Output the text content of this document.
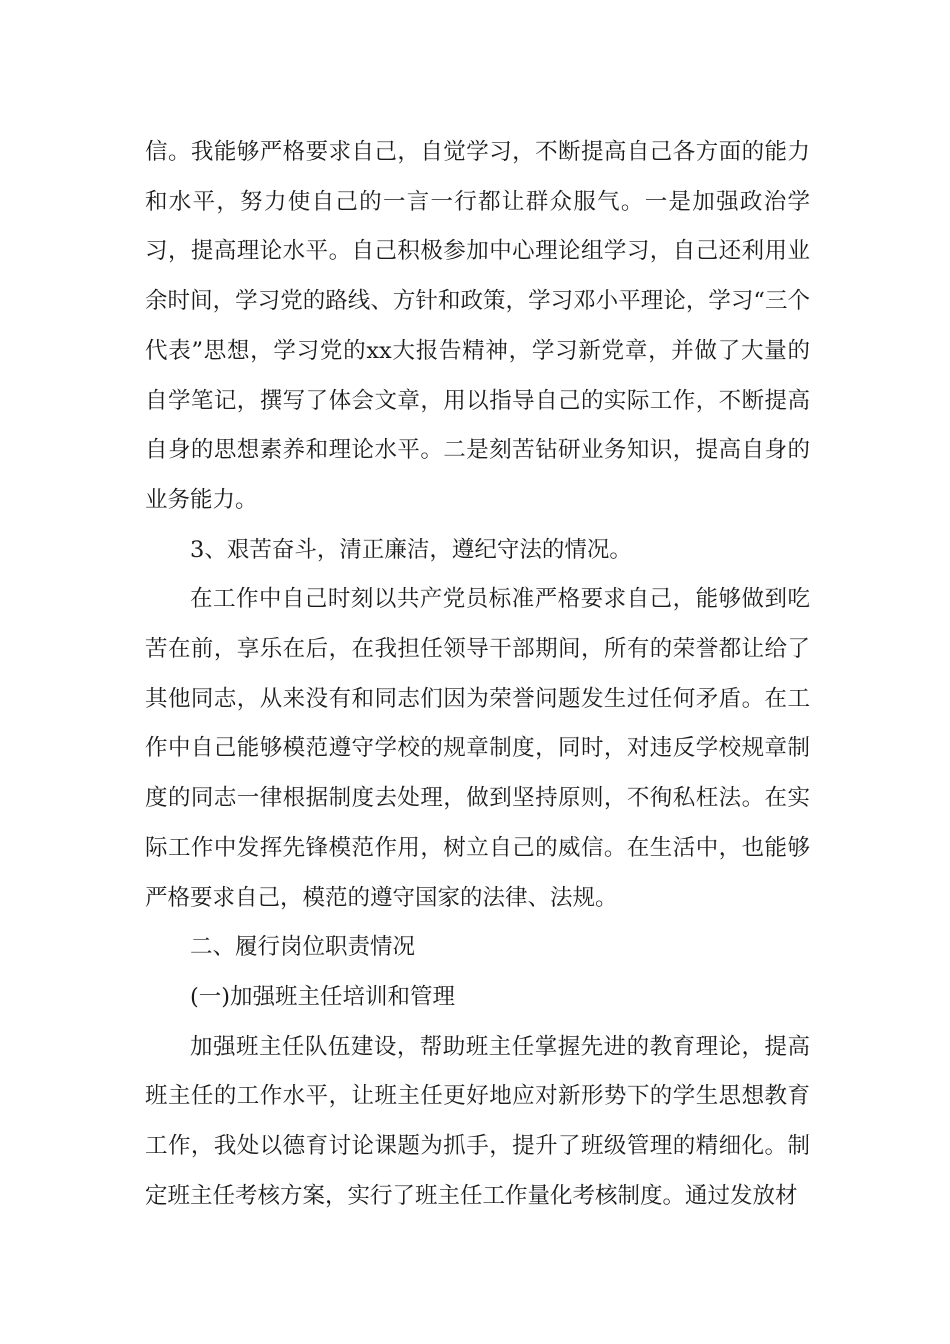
信。我能够严格要求自己，自觉学习，不断提高自己各方面的能力和水平，努力使自己的一言一行都让群众服气。一是加强政治学习，提高理论水平。自己积极参加中心理论组学习，自己还利用业余时间，学习党的路线、方针和政策，学习邓小平理论，学习“三个代表”思想，学习党的xx大报告精神，学习新党章，并做了大量的自学笔记，撰写了体会文章，用以指导自己的实际工作，不断提高自身的思想素养和理论水平。二是刻苦钻研业务知识，提高自身的业务能力。

3、艰苦奋斗，清正廉洁，遵纪守法的情况。

在工作中自己时刻以共产党员标准严格要求自己，能够做到吃苦在前，享乐在后，在我担任领导干部期间，所有的荣誉都让给了其他同志，从来没有和同志们因为荣誉问题发生过任何矛盾。在工作中自己能够模范遵守学校的规章制度，同时，对违反学校规章制度的同志一律根据制度去处理，做到坚持原则，不徇私枉法。在实际工作中发挥先锋模范作用，树立自己的威信。在生活中，也能够严格要求自己，模范的遵守国家的法律、法规。

二、履行岗位职责情况

(一)加强班主任培训和管理

加强班主任队伍建设，帮助班主任掌握先进的教育理论，提高班主任的工作水平，让班主任更好地应对新形势下的学生思想教育工作，我处以德育讨论课题为抓手，提升了班级管理的精细化。制定班主任考核方案，实行了班主任工作量化考核制度。通过发放材
